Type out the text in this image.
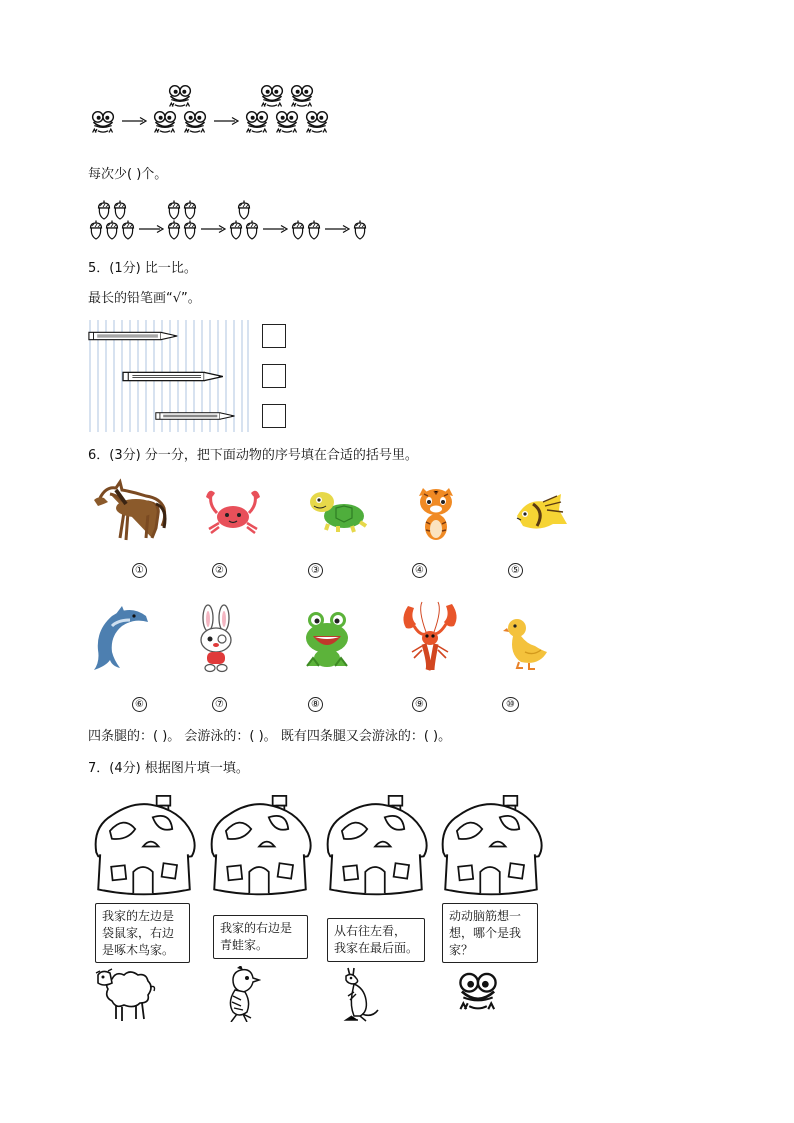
每次少( )个。
5．(1分) 比一比。
最长的铅笔画“√”。
6．(3分) 分一分，把下面动物的序号填在合适的括号里。
①	②	③	④	⑤
⑥	⑦	⑧	⑨	⑩
四条腿的：( )。 会游泳的：( )。 既有四条腿又会游泳的：( )。
7．(4分) 根据图片填一填。
我家的左边是
袋鼠家，右边
是啄木鸟家。
我家的右边是
青蛙家。
从右往左看，
我家在最后面。
动动脑筋想一
想，哪个是我
家？
